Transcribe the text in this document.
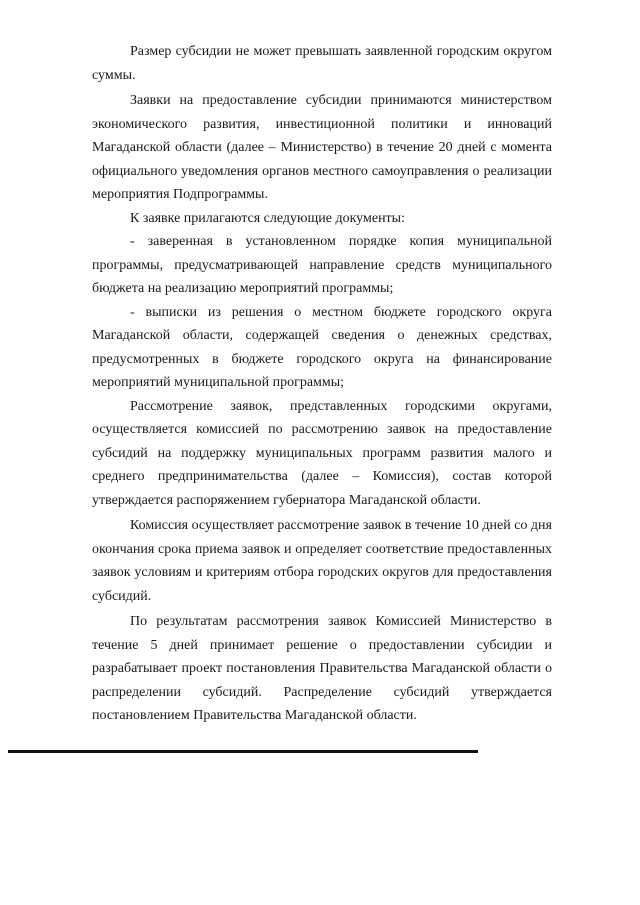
Размер субсидии не может превышать заявленной городским округом суммы.

Заявки на предоставление субсидии принимаются министерством экономического развития, инвестиционной политики и инноваций Магаданской области (далее – Министерство) в течение 20 дней с момента официального уведомления органов местного самоуправления о реализации мероприятия Подпрограммы.

К заявке прилагаются следующие документы:

- заверенная в установленном порядке копия муниципальной программы, предусматривающей направление средств муниципального бюджета на реализацию мероприятий программы;

- выписки из решения о местном бюджете городского округа Магаданской области, содержащей сведения о денежных средствах, предусмотренных в бюджете городского округа на финансирование мероприятий муниципальной программы;

Рассмотрение заявок, представленных городскими округами, осуществляется комиссией по рассмотрению заявок на предоставление субсидий на поддержку муниципальных программ развития малого и среднего предпринимательства (далее – Комиссия), состав которой утверждается распоряжением губернатора Магаданской области.

Комиссия осуществляет рассмотрение заявок в течение 10 дней со дня окончания срока приема заявок и определяет соответствие предоставленных заявок условиям и критериям отбора городских округов для предоставления субсидий.

По результатам рассмотрения заявок Комиссией Министерство в течение 5 дней принимает решение о предоставлении субсидии и разрабатывает проект постановления Правительства Магаданской области о распределении субсидий. Распределение субсидий утверждается постановлением Правительства Магаданской области.
